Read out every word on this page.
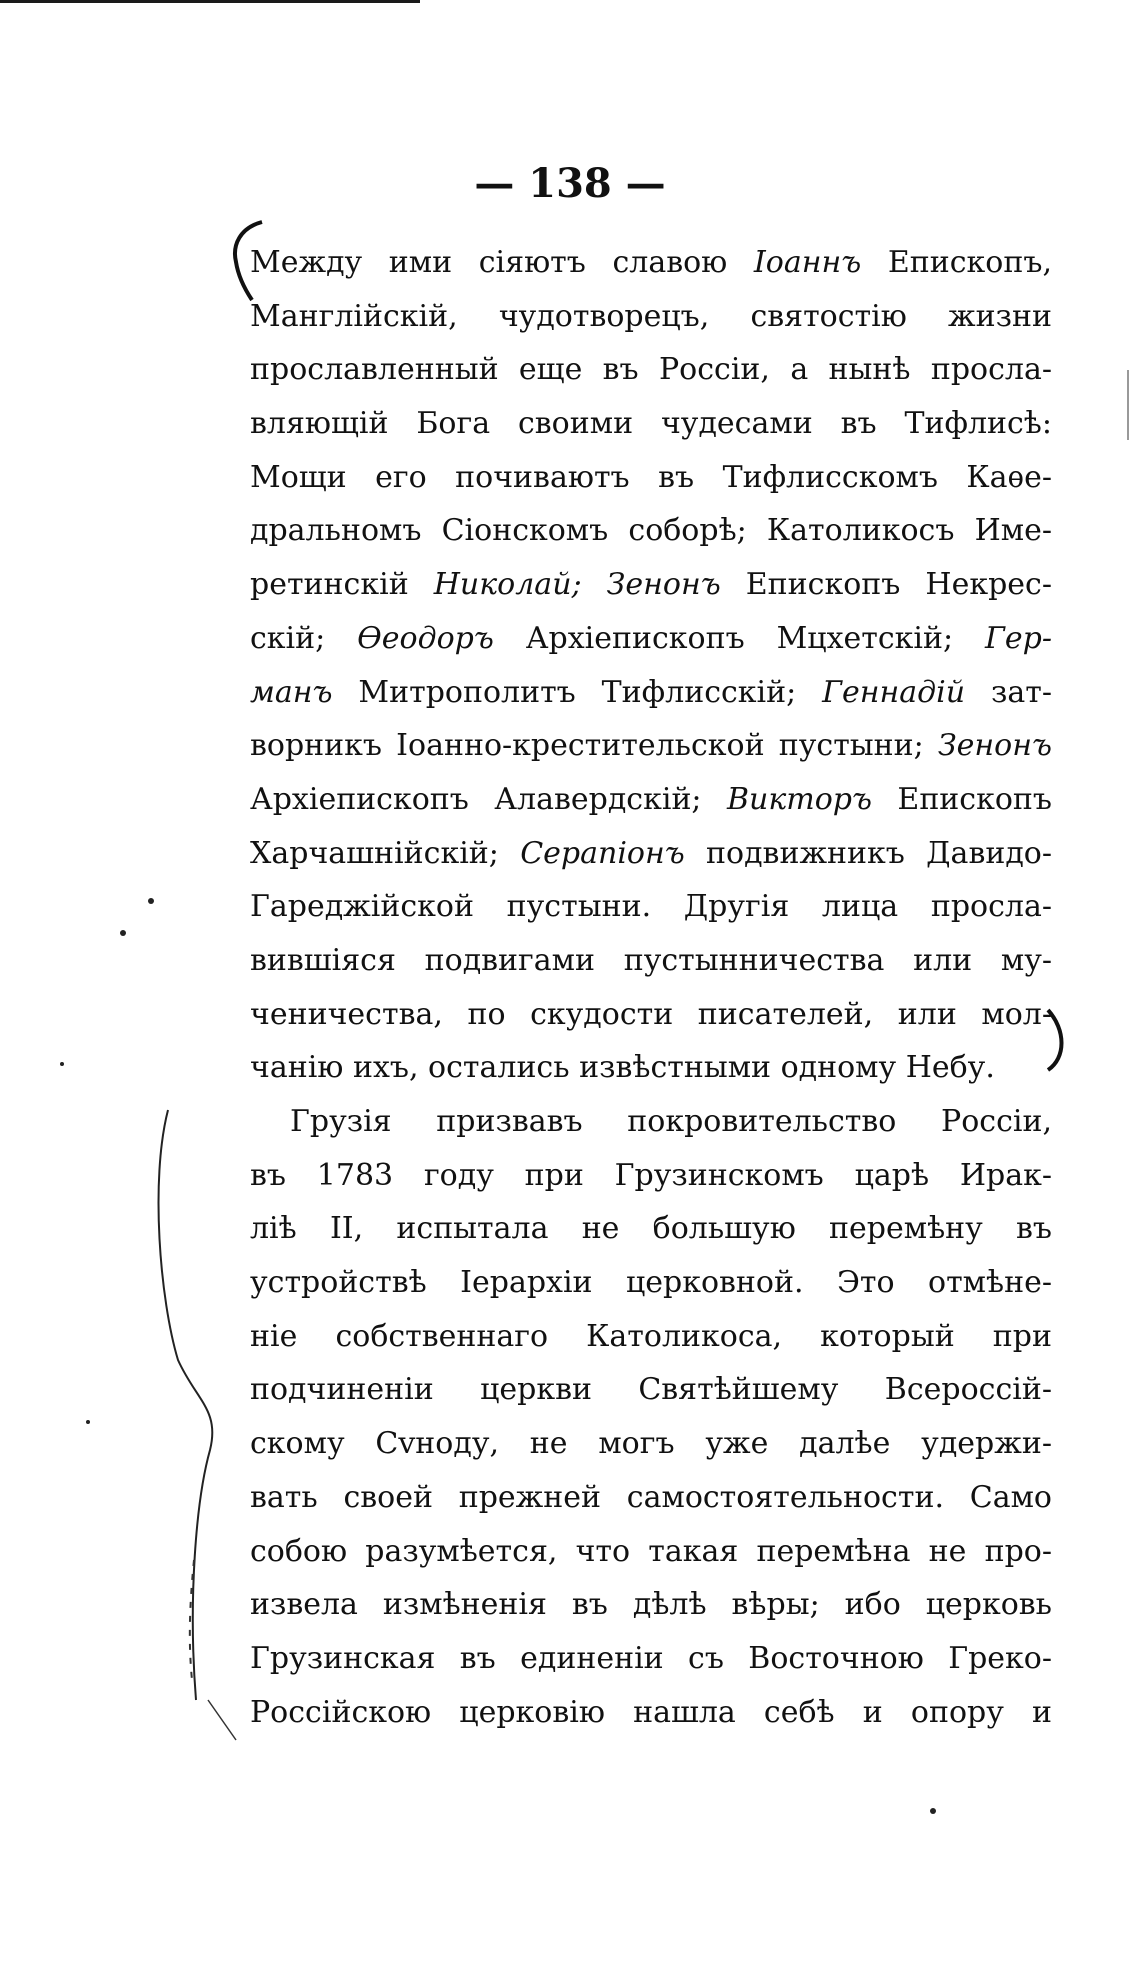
— 138 —
Между ими сіяютъ славою Іоаннъ Епископъ,
Манглійскій, чудотворецъ, святостію жизни
прославленный еще въ Россіи, а нынѣ просла-
вляющій Бога своими чудесами въ Тифлисѣ:
Мощи его почиваютъ въ Тифлисскомъ Каѳе-
дральномъ Сіонскомъ соборѣ; Католикосъ Име-
ретинскій Николай; Зенонъ Епископъ Некрес-
скій; Ѳеодоръ Архіепископъ Мцхетскій; Гер-
манъ Митрополитъ Тифлисскій; Геннадій зат-
ворникъ Іоанно-крестительской пустыни; Зенонъ
Архіепископъ Алавердскій; Викторъ Епископъ
Харчашнійскій; Серапіонъ подвижникъ Давидо-
Гареджійской пустыни. Другія лица просла-
вившіяся подвигами пустынничества или му-
ченичества, по скудости писателей, или мол-
чанію ихъ, остались извѣстными одному Небу.
Грузія призвавъ покровительство Россіи,
въ 1783 году при Грузинскомъ царѣ Ирак-
ліѣ II, испытала не большую перемѣну въ
устройствѣ Іерархіи церковной. Это отмѣне-
ніе собственнаго Католикоса, который при
подчиненіи церкви Святѣйшему Всероссій-
скому Сvноду, не могъ уже далѣе удержи-
вать своей прежней самостоятельности. Само
собою разумѣется, что такая перемѣна не про-
извела измѣненія въ дѣлѣ вѣры; ибо церковь
Грузинская въ единеніи съ Восточною Греко-
Россійскою церковію нашла себѣ и опору и
